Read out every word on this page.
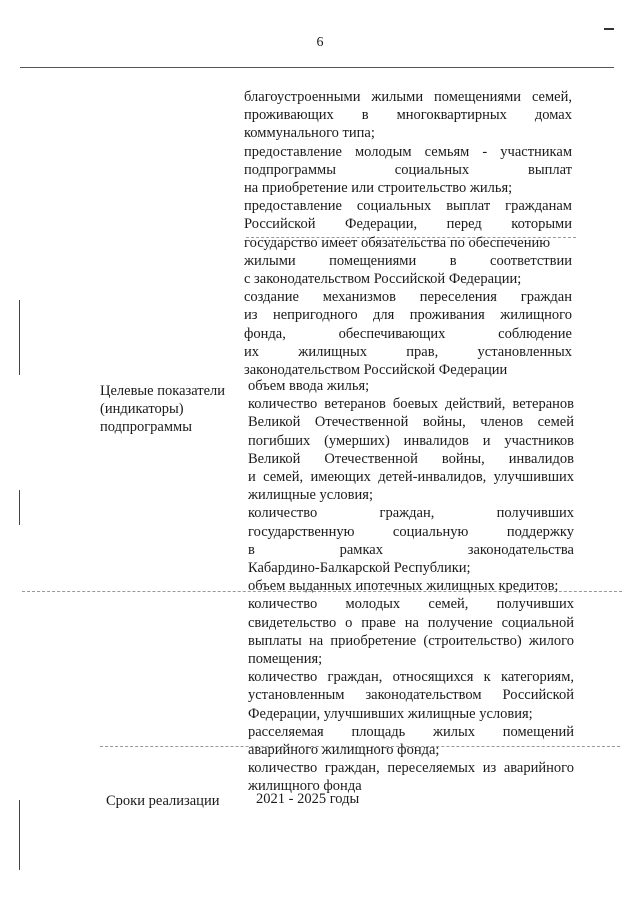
6
благоустроенными жилыми помещениями семей,
проживающих в многоквартирных домах
коммунального типа;
предоставление молодым семьям - участникам
подпрограммы социальных выплат
на приобретение или строительство жилья;
предоставление социальных выплат гражданам
Российской Федерации, перед которыми
государство имеет обязательства по обеспечению
жилыми помещениями в соответствии
с законодательством Российской Федерации;
создание механизмов переселения граждан
из непригодного для проживания жилищного
фонда, обеспечивающих соблюдение
их жилищных прав, установленных
законодательством Российской Федерации
Целевые показатели
(индикаторы)
подпрограммы
объем ввода жилья;
количество ветеранов боевых действий, ветеранов
Великой Отечественной войны, членов семей
погибших (умерших) инвалидов и участников
Великой Отечественной войны, инвалидов
и семей, имеющих детей-инвалидов, улучшивших
жилищные условия;
количество граждан, получивших
государственную социальную поддержку
в рамках законодательства
Кабардино-Балкарской Республики;
объем выданных ипотечных жилищных кредитов;
количество молодых семей, получивших
свидетельство о праве на получение социальной
выплаты на приобретение (строительство) жилого
помещения;
количество граждан, относящихся к категориям,
установленным законодательством Российской
Федерации, улучшивших жилищные условия;
расселяемая площадь жилых помещений
аварийного жилищного фонда;
количество граждан, переселяемых из аварийного
жилищного фонда
Сроки реализации	2021 - 2025 годы
